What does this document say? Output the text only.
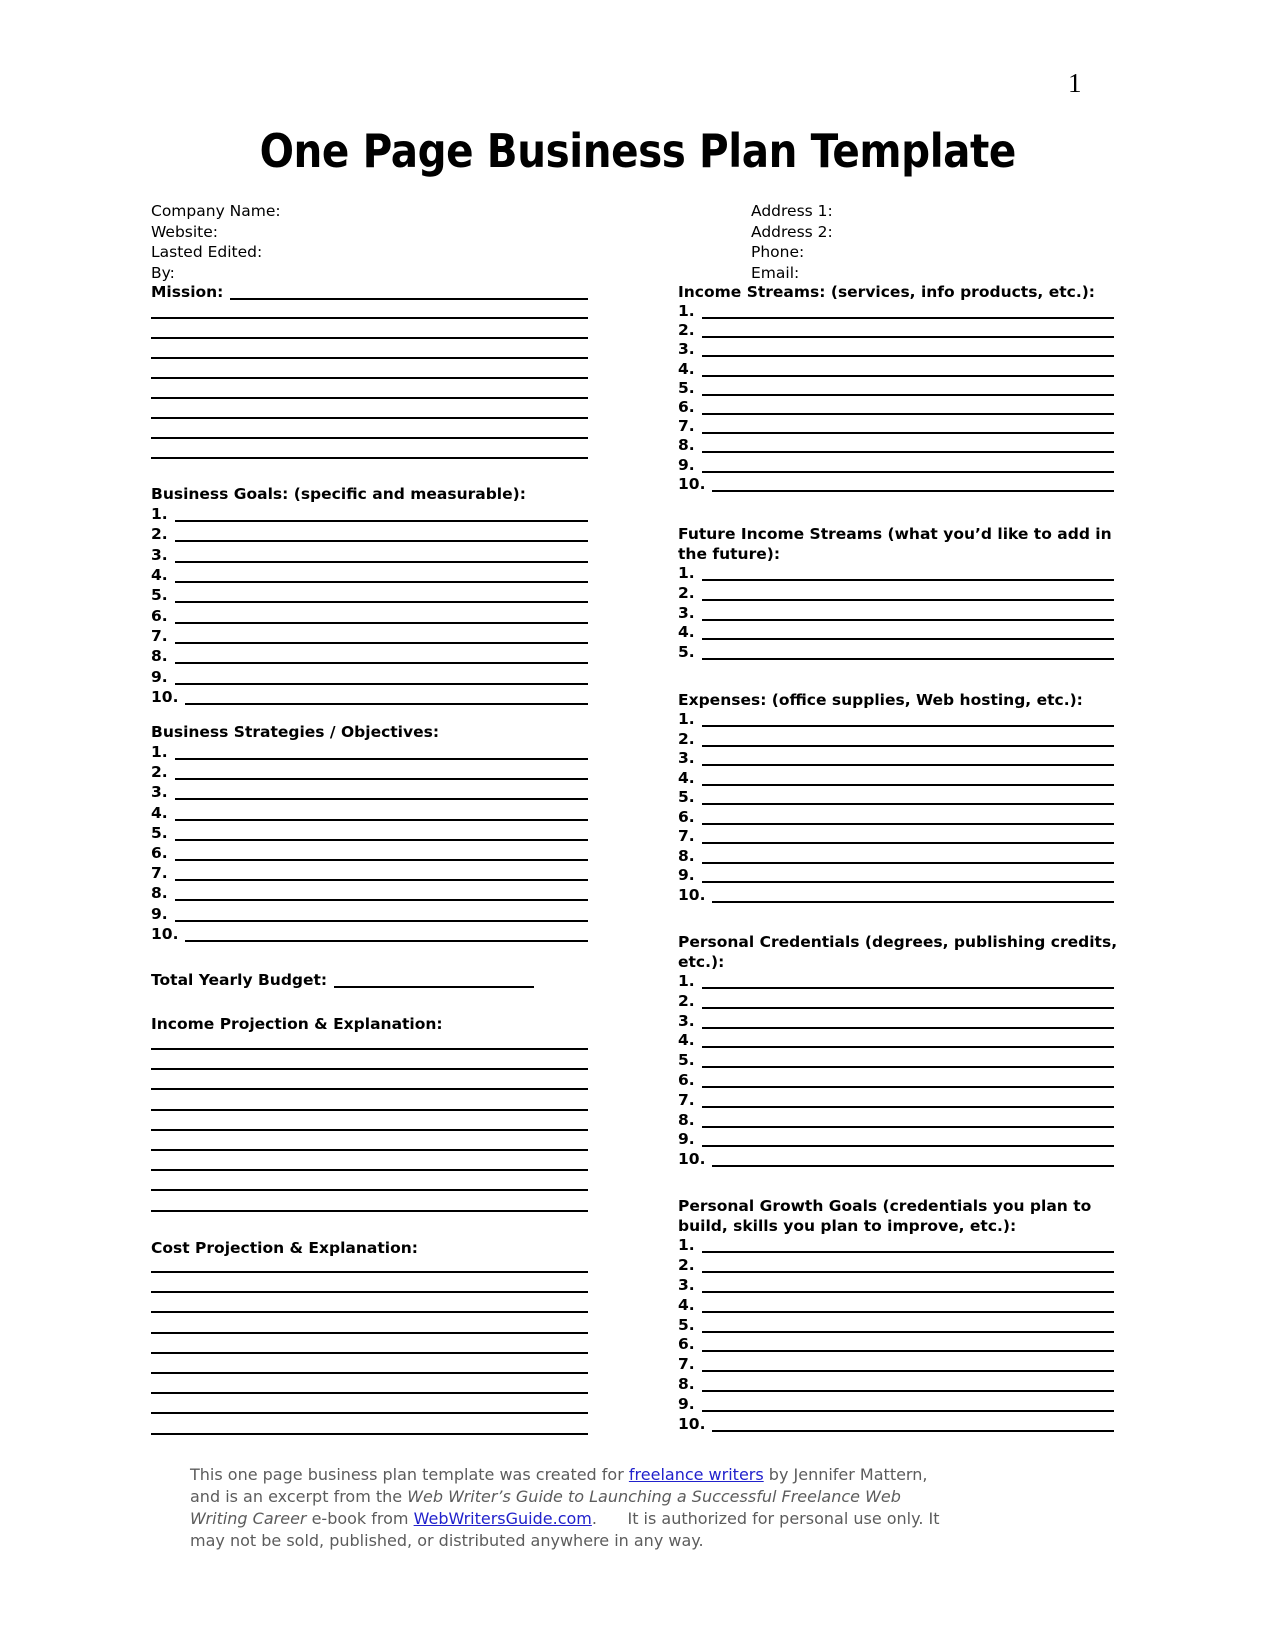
1
One Page Business Plan Template
Company Name:
Website:
Lasted Edited:
By:
Address 1:
Address 2:
Phone:
Email:
Mission:
Business Goals: (specific and measurable):
1.
2.
3.
4.
5.
6.
7.
8.
9.
10.
Business Strategies / Objectives:
1.
2.
3.
4.
5.
6.
7.
8.
9.
10.
Total Yearly Budget:
Income Projection & Explanation:
Cost Projection & Explanation:
Income Streams: (services, info products, etc.):
1.
2.
3.
4.
5.
6.
7.
8.
9.
10.
Future Income Streams (what you’d like to add in the future):
1.
2.
3.
4.
5.
Expenses: (office supplies, Web hosting, etc.):
1.
2.
3.
4.
5.
6.
7.
8.
9.
10.
Personal Credentials (degrees, publishing credits, etc.):
1.
2.
3.
4.
5.
6.
7.
8.
9.
10.
Personal Growth Goals (credentials you plan to build, skills you plan to improve, etc.):
1.
2.
3.
4.
5.
6.
7.
8.
9.
10.
This one page business plan template was created for freelance writers by Jennifer Mattern,
and is an excerpt from the Web Writer’s Guide to Launching a Successful Freelance Web
Writing Career e-book from WebWritersGuide.com.      It is authorized for personal use only. It
may not be sold, published, or distributed anywhere in any way.
